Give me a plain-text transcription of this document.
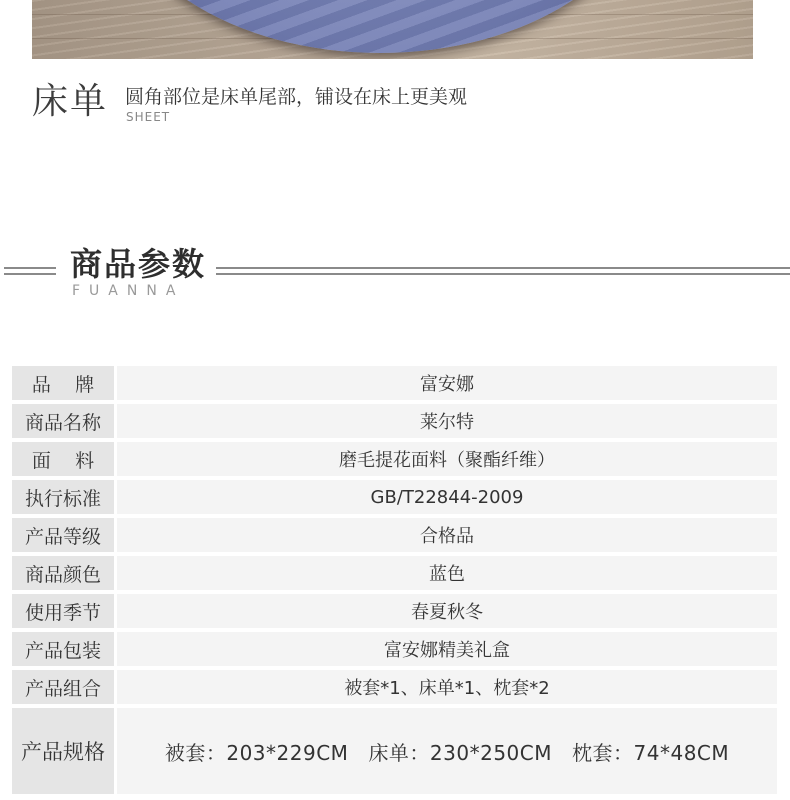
床单 圆角部位是床单尾部，铺设在床上更美观
SHEET
商品参数
FUANNA
品    牌	富安娜
商品名称	莱尔特
面    料	磨毛提花面料（聚酯纤维）
执行标准	GB/T22844-2009
产品等级	合格品
商品颜色	蓝色
使用季节	春夏秋冬
产品包装	富安娜精美礼盒
产品组合	被套*1、床单*1、枕套*2
产品规格	被套：203*229CM 床单：230*250CM 枕套：74*48CM
